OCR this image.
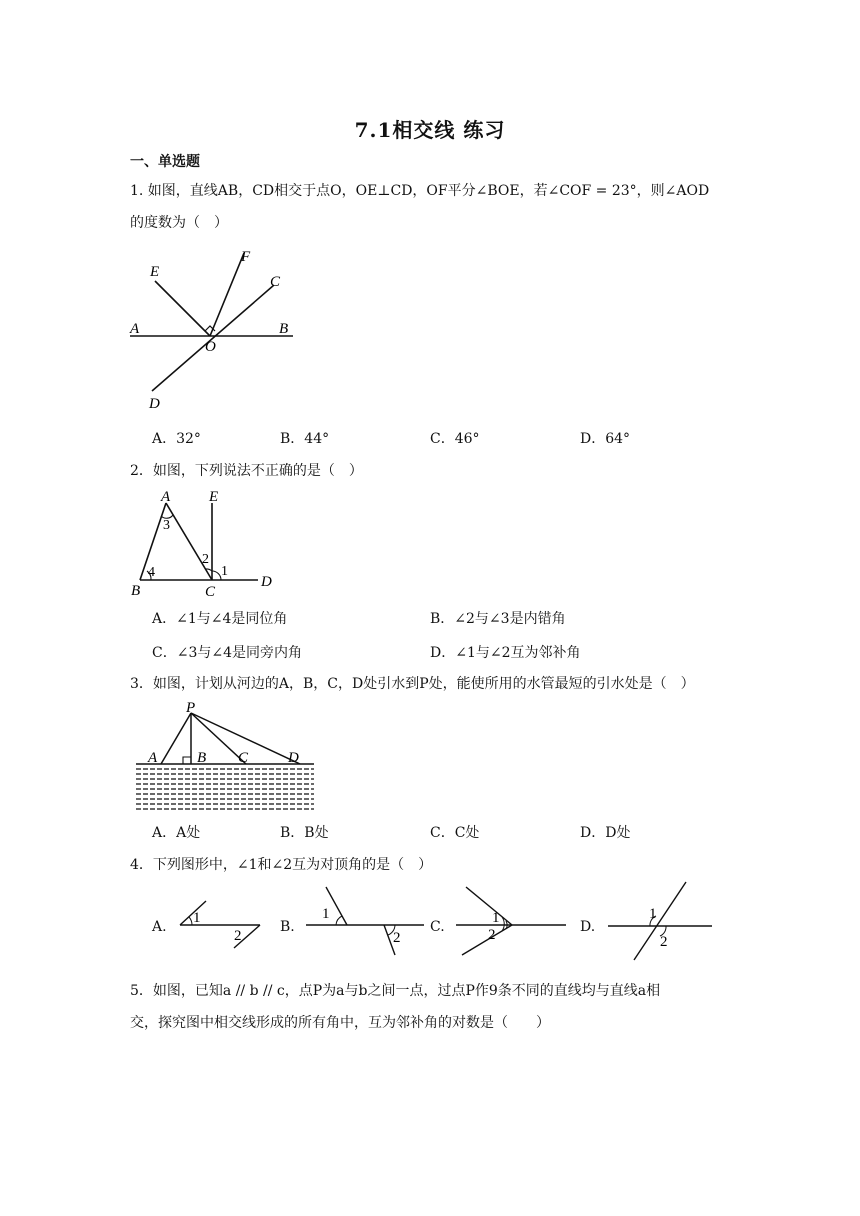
7.1相交线 练习
一、单选题
1. 如图，直线AB，CD相交于点O，OE⊥CD，OF平分∠BOE，若∠COF = 23°，则∠AOD
的度数为（　）
E
F
C
A	B
O
D
A．32°	B．44°	C．46°	D．64°
2．如图，下列说法不正确的是（　）
A	E
B	C
D
3
4
2
1
A．∠1与∠4是同位角	B．∠2与∠3是内错角
C．∠3与∠4是同旁内角	D．∠1与∠2互为邻补角
3．如图，计划从河边的A，B，C，D处引水到P处，能使所用的水管最短的引水处是（　）
P
A	B C	D
A．A处	B．B处	C．C处	D．D处
4．下列图形中，∠1和∠2互为对顶角的是（　）
A.
1
2
B.
1
2
C.
1
2	D.
1
2
5．如图，已知a // b // c，点P为a与b之间一点，过点P作9条不同的直线均与直线a相
交，探究图中相交线形成的所有角中，互为邻补角的对数是（　　）
